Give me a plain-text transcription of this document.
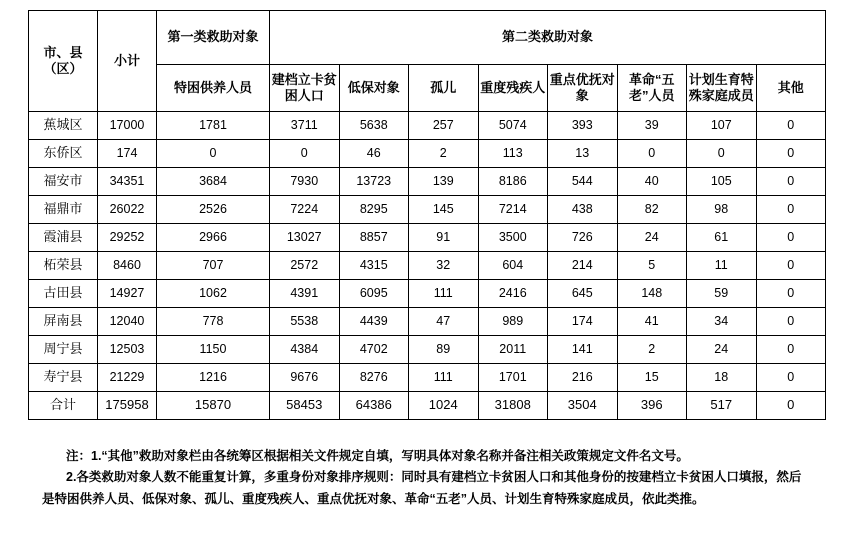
市、县（区）	小计	第一类救助对象	第二类救助对象							
		特困供养人员	建档立卡贫困人口	低保对象	孤儿	重度残疾人	重点优抚对象	革命“五老”人员	计划生育特殊家庭成员	其他
蕉城区	17000	1781	3711	5638	257	5074	393	39	107	0
东侨区	174	0	0	46	2	113	13	0	0	0
福安市	34351	3684	7930	13723	139	8186	544	40	105	0
福鼎市	26022	2526	7224	8295	145	7214	438	82	98	0
霞浦县	29252	2966	13027	8857	91	3500	726	24	61	0
柘荣县	8460	707	2572	4315	32	604	214	5	11	0
古田县	14927	1062	4391	6095	111	2416	645	148	59	0
屏南县	12040	778	5538	4439	47	989	174	41	34	0
周宁县	12503	1150	4384	4702	89	2011	141	2	24	0
寿宁县	21229	1216	9676	8276	111	1701	216	15	18	0
合计	175958	15870	58453	64386	1024	31808	3504	396	517	0

注：1.“其他”救助对象栏由各统筹区根据相关文件规定自填，写明具体对象名称并备注相关政策规定文件名文号。

2.各类救助对象人数不能重复计算，多重身份对象排序规则：同时具有建档立卡贫困人口和其他身份的按建档立卡贫困人口填报，然后

是特困供养人员、低保对象、孤儿、重度残疾人、重点优抚对象、革命“五老”人员、计划生育特殊家庭成员，依此类推。
